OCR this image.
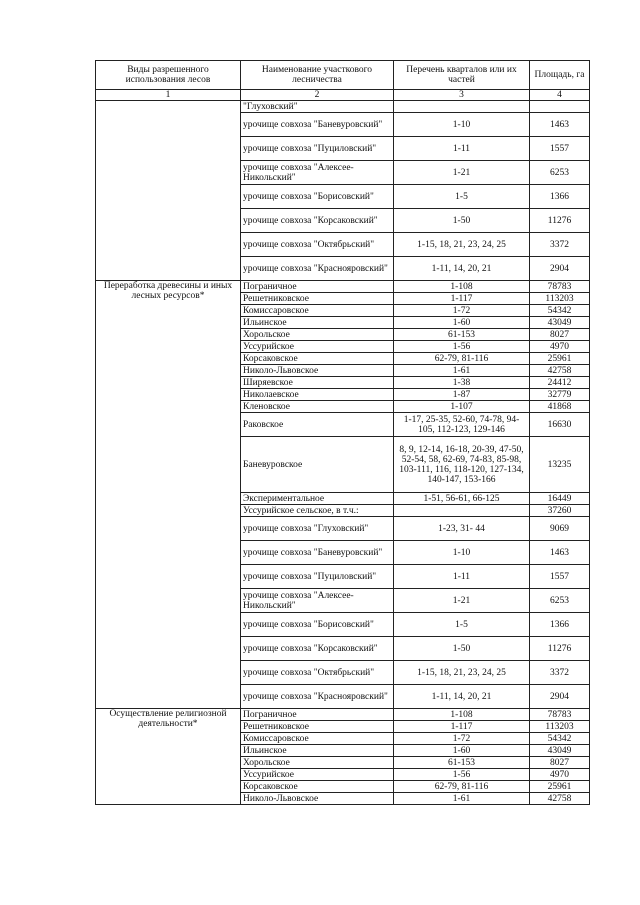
Виды разрешенного использования лесов	Наименование участкового лесничества	Перечень кварталов или их частей	Площадь, га
1	2	3	4
	"Глуховский"		
	урочище совхоза "Баневуровский"	1-10	1463
	урочище совхоза "Пуциловский"	1-11	1557
	урочище совхоза "Алексее-Никольский"	1-21	6253
	урочище совхоза "Борисовский"	1-5	1366
	урочище совхоза "Корсаковский"	1-50	11276
	урочище совхоза "Октябрьский"	1-15, 18, 21, 23, 24, 25	3372
	урочище совхоза "Краснояровский"	1-11, 14, 20, 21	2904
Переработка древесины и иных лесных ресурсов*	Пограничное	1-108	78783
	Решетниковское	1-117	113203
	Комиссаровское	1-72	54342
	Ильинское	1-60	43049
	Хорольское	61-153	8027
	Уссурийское	1-56	4970
	Корсаковское	62-79, 81-116	25961
	Николо-Львовское	1-61	42758
	Ширяевское	1-38	24412
	Николаевское	1-87	32779
	Кленовское	1-107	41868
	Раковское	1-17, 25-35, 52-60, 74-78, 94-105, 112-123, 129-146	16630
	Баневуровское	8, 9, 12-14, 16-18, 20-39, 47-50, 52-54, 58, 62-69, 74-83, 85-98, 103-111, 116, 118-120, 127-134, 140-147, 153-166	13235
	Экспериментальное	1-51, 56-61, 66-125	16449
	Уссурийское сельское, в т.ч.:		37260
	урочище совхоза "Глуховский"	1-23, 31- 44	9069
	урочище совхоза "Баневуровский"	1-10	1463
	урочище совхоза "Пуциловский"	1-11	1557
	урочище совхоза "Алексее-Никольский"	1-21	6253
	урочище совхоза "Борисовский"	1-5	1366
	урочище совхоза "Корсаковский"	1-50	11276
	урочище совхоза "Октябрьский"	1-15, 18, 21, 23, 24, 25	3372
	урочище совхоза "Краснояровский"	1-11, 14, 20, 21	2904
Осуществление религиозной деятельности*	Пограничное	1-108	78783
	Решетниковское	1-117	113203
	Комиссаровское	1-72	54342
	Ильинское	1-60	43049
	Хорольское	61-153	8027
	Уссурийское	1-56	4970
	Корсаковское	62-79, 81-116	25961
	Николо-Львовское	1-61	42758
